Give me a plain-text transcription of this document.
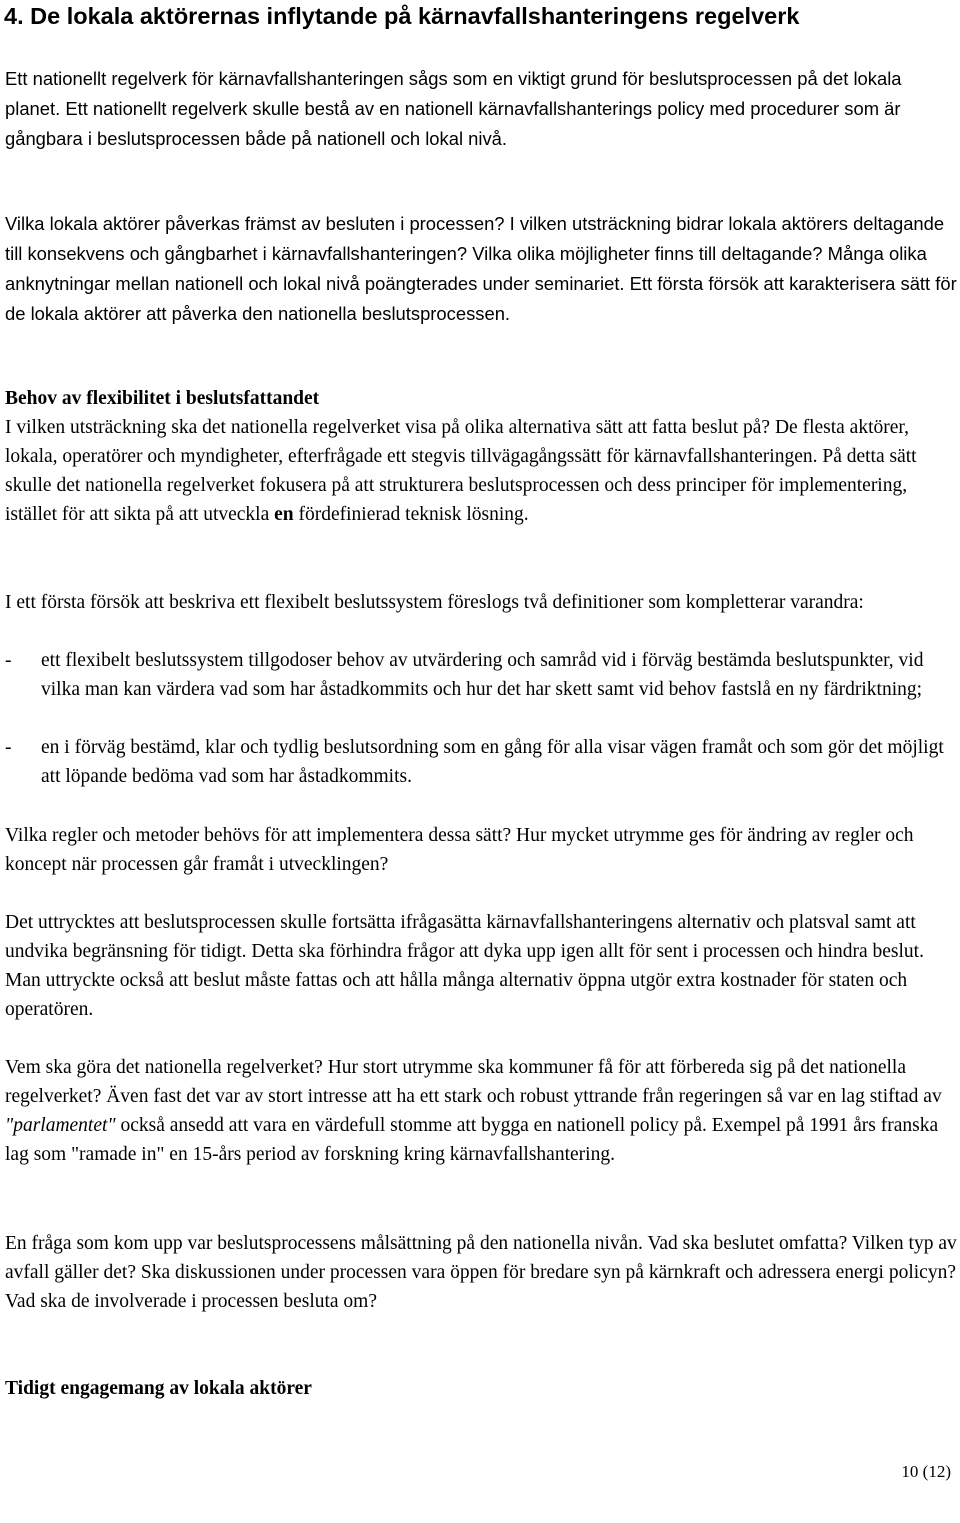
4. De lokala aktörernas inflytande på kärnavfallshanteringens regelverk

Ett nationellt regelverk för kärnavfallshanteringen sågs som en viktigt grund för beslutsprocessen på det lokala planet. Ett nationellt regelverk skulle bestå av en nationell kärnavfallshanterings policy med procedurer som är gångbara i beslutsprocessen både på nationell och lokal nivå.

Vilka lokala aktörer påverkas främst av besluten i processen? I vilken utsträckning bidrar lokala aktörers deltagande till konsekvens och gångbarhet i kärnavfallshanteringen? Vilka olika möjligheter finns till deltagande? Många olika anknytningar mellan nationell och lokal nivå poängterades under seminariet. Ett första försök att karakterisera sätt för de lokala aktörer att påverka den nationella beslutsprocessen.

Behov av flexibilitet i beslutsfattandet
I vilken utsträckning ska det nationella regelverket visa på olika alternativa sätt att fatta beslut på? De flesta aktörer, lokala, operatörer och myndigheter, efterfrågade ett stegvis tillvägagångssätt för kärnavfallshanteringen. På detta sätt skulle det nationella regelverket fokusera på att strukturera beslutsprocessen och dess principer för implementering, istället för att sikta på att utveckla en fördefinierad teknisk lösning.

I ett första försök att beskriva ett flexibelt beslutssystem föreslogs två definitioner som kompletterar varandra:

- ett flexibelt beslutssystem tillgodoser behov av utvärdering och samråd vid i förväg bestämda beslutspunkter, vid vilka man kan värdera vad som har åstadkommits och hur det har skett samt vid behov fastslå en ny färdriktning;
- en i förväg bestämd, klar och tydlig beslutsordning som en gång för alla visar vägen framåt och som gör det möjligt att löpande bedöma vad som har åstadkommits.

Vilka regler och metoder behövs för att implementera dessa sätt? Hur mycket utrymme ges för ändring av regler och koncept när processen går framåt i utvecklingen?

Det uttrycktes att beslutsprocessen skulle fortsätta ifrågasätta kärnavfallshanteringens alternativ och platsval samt att undvika begränsning för tidigt. Detta ska förhindra frågor att dyka upp igen allt för sent i processen och hindra beslut. Man uttryckte också att beslut måste fattas och att hålla många alternativ öppna utgör extra kostnader för staten och operatören.

Vem ska göra det nationella regelverket? Hur stort utrymme ska kommuner få för att förbereda sig på det nationella regelverket? Även fast det var av stort intresse att ha ett stark och robust yttrande från regeringen så var en lag stiftad av "parlamentet" också ansedd att vara en värdefull stomme att bygga en nationell policy på. Exempel på 1991 års franska lag som "ramade in" en 15-års period av forskning kring kärnavfallshantering.

En fråga som kom upp var beslutsprocessens målsättning på den nationella nivån. Vad ska beslutet omfatta? Vilken typ av avfall gäller det? Ska diskussionen under processen vara öppen för bredare syn på kärnkraft och adressera energi policyn? Vad ska de involverade i processen besluta om?

Tidigt engagemang av lokala aktörer

10 (12)
